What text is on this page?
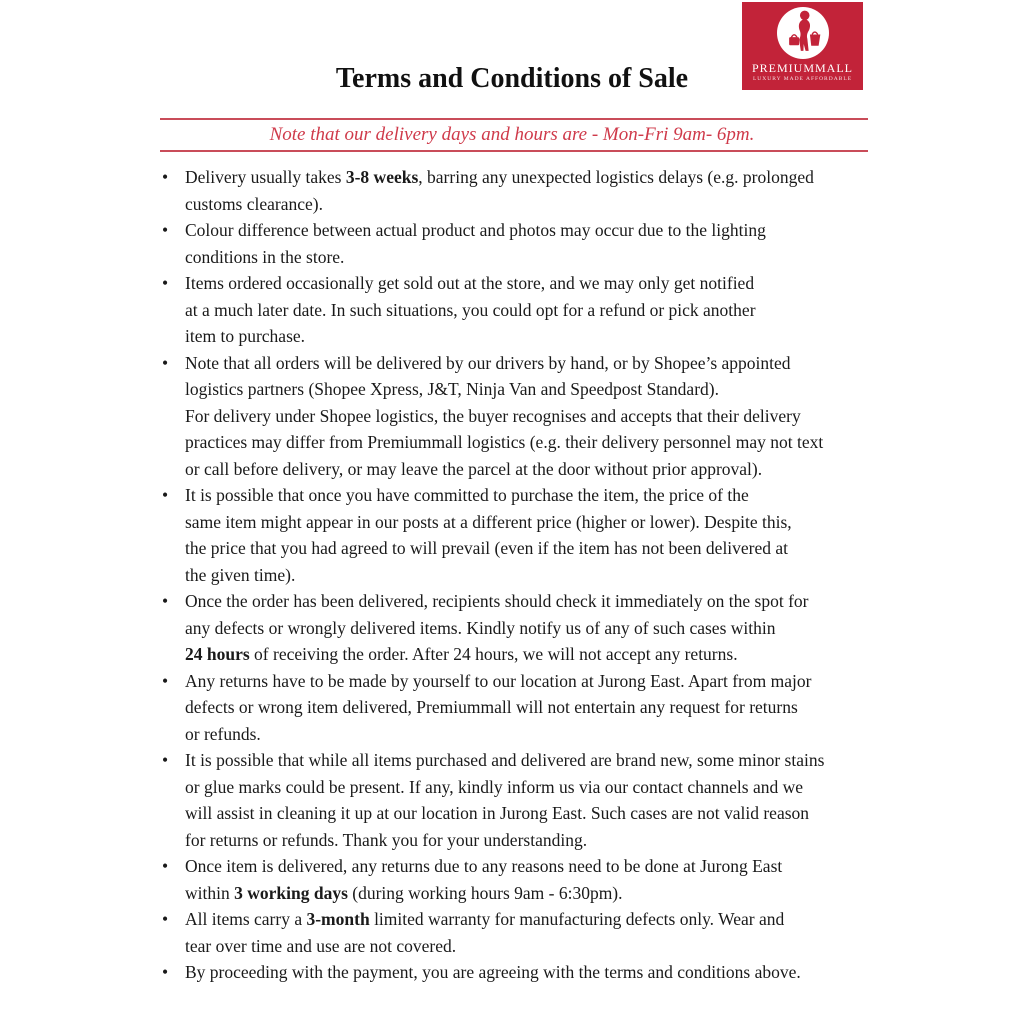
PREMIUMMALL
LUXURY MADE AFFORDABLE
Terms and Conditions of Sale

Note that our delivery days and hours are - Mon-Fri 9am- 6pm.

• Delivery usually takes 3-8 weeks, barring any unexpected logistics delays (e.g. prolonged
customs clearance).
• Colour difference between actual product and photos may occur due to the lighting
conditions in the store.
• Items ordered occasionally get sold out at the store, and we may only get notified
at a much later date. In such situations, you could opt for a refund or pick another
item to purchase.
• Note that all orders will be delivered by our drivers by hand, or by Shopee’s appointed
logistics partners (Shopee Xpress, J&T, Ninja Van and Speedpost Standard).
For delivery under Shopee logistics, the buyer recognises and accepts that their delivery
practices may differ from Premiummall logistics (e.g. their delivery personnel may not text
or call before delivery, or may leave the parcel at the door without prior approval).
• It is possible that once you have committed to purchase the item, the price of the
same item might appear in our posts at a different price (higher or lower). Despite this,
the price that you had agreed to will prevail (even if the item has not been delivered at
the given time).
• Once the order has been delivered, recipients should check it immediately on the spot for
any defects or wrongly delivered items. Kindly notify us of any of such cases within
24 hours of receiving the order. After 24 hours, we will not accept any returns.
• Any returns have to be made by yourself to our location at Jurong East. Apart from major
defects or wrong item delivered, Premiummall will not entertain any request for returns
or refunds.
• It is possible that while all items purchased and delivered are brand new, some minor stains
or glue marks could be present. If any, kindly inform us via our contact channels and we
will assist in cleaning it up at our location in Jurong East. Such cases are not valid reason
for returns or refunds. Thank you for your understanding.
• Once item is delivered, any returns due to any reasons need to be done at Jurong East
within 3 working days (during working hours 9am - 6:30pm).
• All items carry a 3-month limited warranty for manufacturing defects only. Wear and
tear over time and use are not covered.
• By proceeding with the payment, you are agreeing with the terms and conditions above.
